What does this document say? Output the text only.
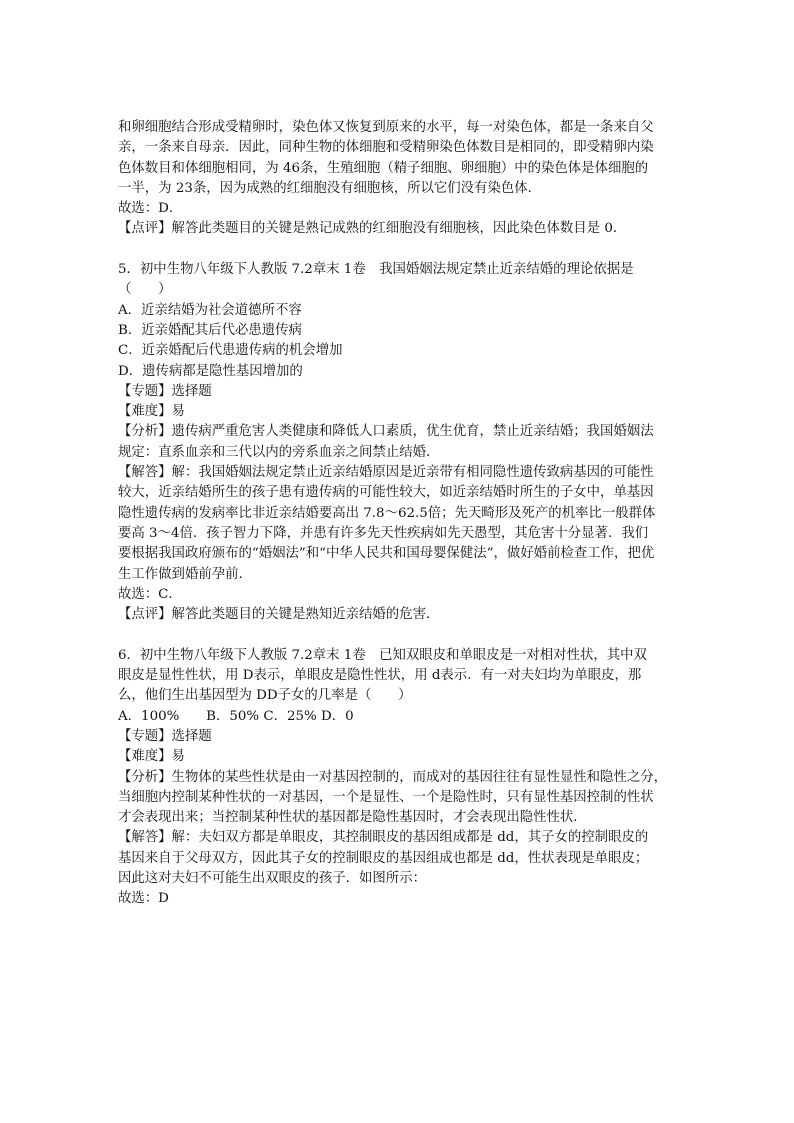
和卵细胞结合形成受精卵时，染色体又恢复到原来的水平，每一对染色体，都是一条来自父
亲，一条来自母亲．因此，同种生物的体细胞和受精卵染色体数目是相同的，即受精卵内染
色体数目和体细胞相同，为 46条，生殖细胞（精子细胞、卵细胞）中的染色体是体细胞的
一半，为 23条，因为成熟的红细胞没有细胞核，所以它们没有染色体．
故选：D．
【点评】解答此类题目的关键是熟记成熟的红细胞没有细胞核，因此染色体数目是 0．
5．初中生物八年级下人教版 7.2章末 1卷　我国婚姻法规定禁止近亲结婚的理论依据是
（　　）
A．近亲结婚为社会道德所不容
B．近亲婚配其后代必患遗传病
C．近亲婚配后代患遗传病的机会增加
D．遗传病都是隐性基因增加的
【专题】选择题
【难度】易
【分析】遗传病严重危害人类健康和降低人口素质，优生优育，禁止近亲结婚；我国婚姻法
规定：直系血亲和三代以内的旁系血亲之间禁止结婚．
【解答】解：我国婚姻法规定禁止近亲结婚原因是近亲带有相同隐性遗传致病基因的可能性
较大，近亲结婚所生的孩子患有遗传病的可能性较大，如近亲结婚时所生的子女中，单基因
隐性遗传病的发病率比非近亲结婚要高出 7.8～62.5倍；先天畸形及死产的机率比一般群体
要高 3～4倍．孩子智力下降，并患有许多先天性疾病如先天愚型，其危害十分显著．我们
要根据我国政府颁布的“婚姻法”和“中华人民共和国母婴保健法”，做好婚前检查工作，把优
生工作做到婚前孕前．
故选：C．
【点评】解答此类题目的关键是熟知近亲结婚的危害．
6．初中生物八年级下人教版 7.2章末 1卷　已知双眼皮和单眼皮是一对相对性状，其中双
眼皮是显性性状，用 D表示，单眼皮是隐性性状，用 d表示．有一对夫妇均为单眼皮，那
么，他们生出基因型为 DD子女的几率是（　　）
A．100%　　B．50% C．25% D．0
【专题】选择题
【难度】易
【分析】生物体的某些性状是由一对基因控制的，而成对的基因往往有显性显性和隐性之分，
当细胞内控制某种性状的一对基因，一个是显性、一个是隐性时，只有显性基因控制的性状
才会表现出来；当控制某种性状的基因都是隐性基因时，才会表现出隐性性状．
【解答】解：夫妇双方都是单眼皮，其控制眼皮的基因组成都是 dd，其子女的控制眼皮的
基因来自于父母双方，因此其子女的控制眼皮的基因组成也都是 dd，性状表现是单眼皮；
因此这对夫妇不可能生出双眼皮的孩子．如图所示：
故选：D
